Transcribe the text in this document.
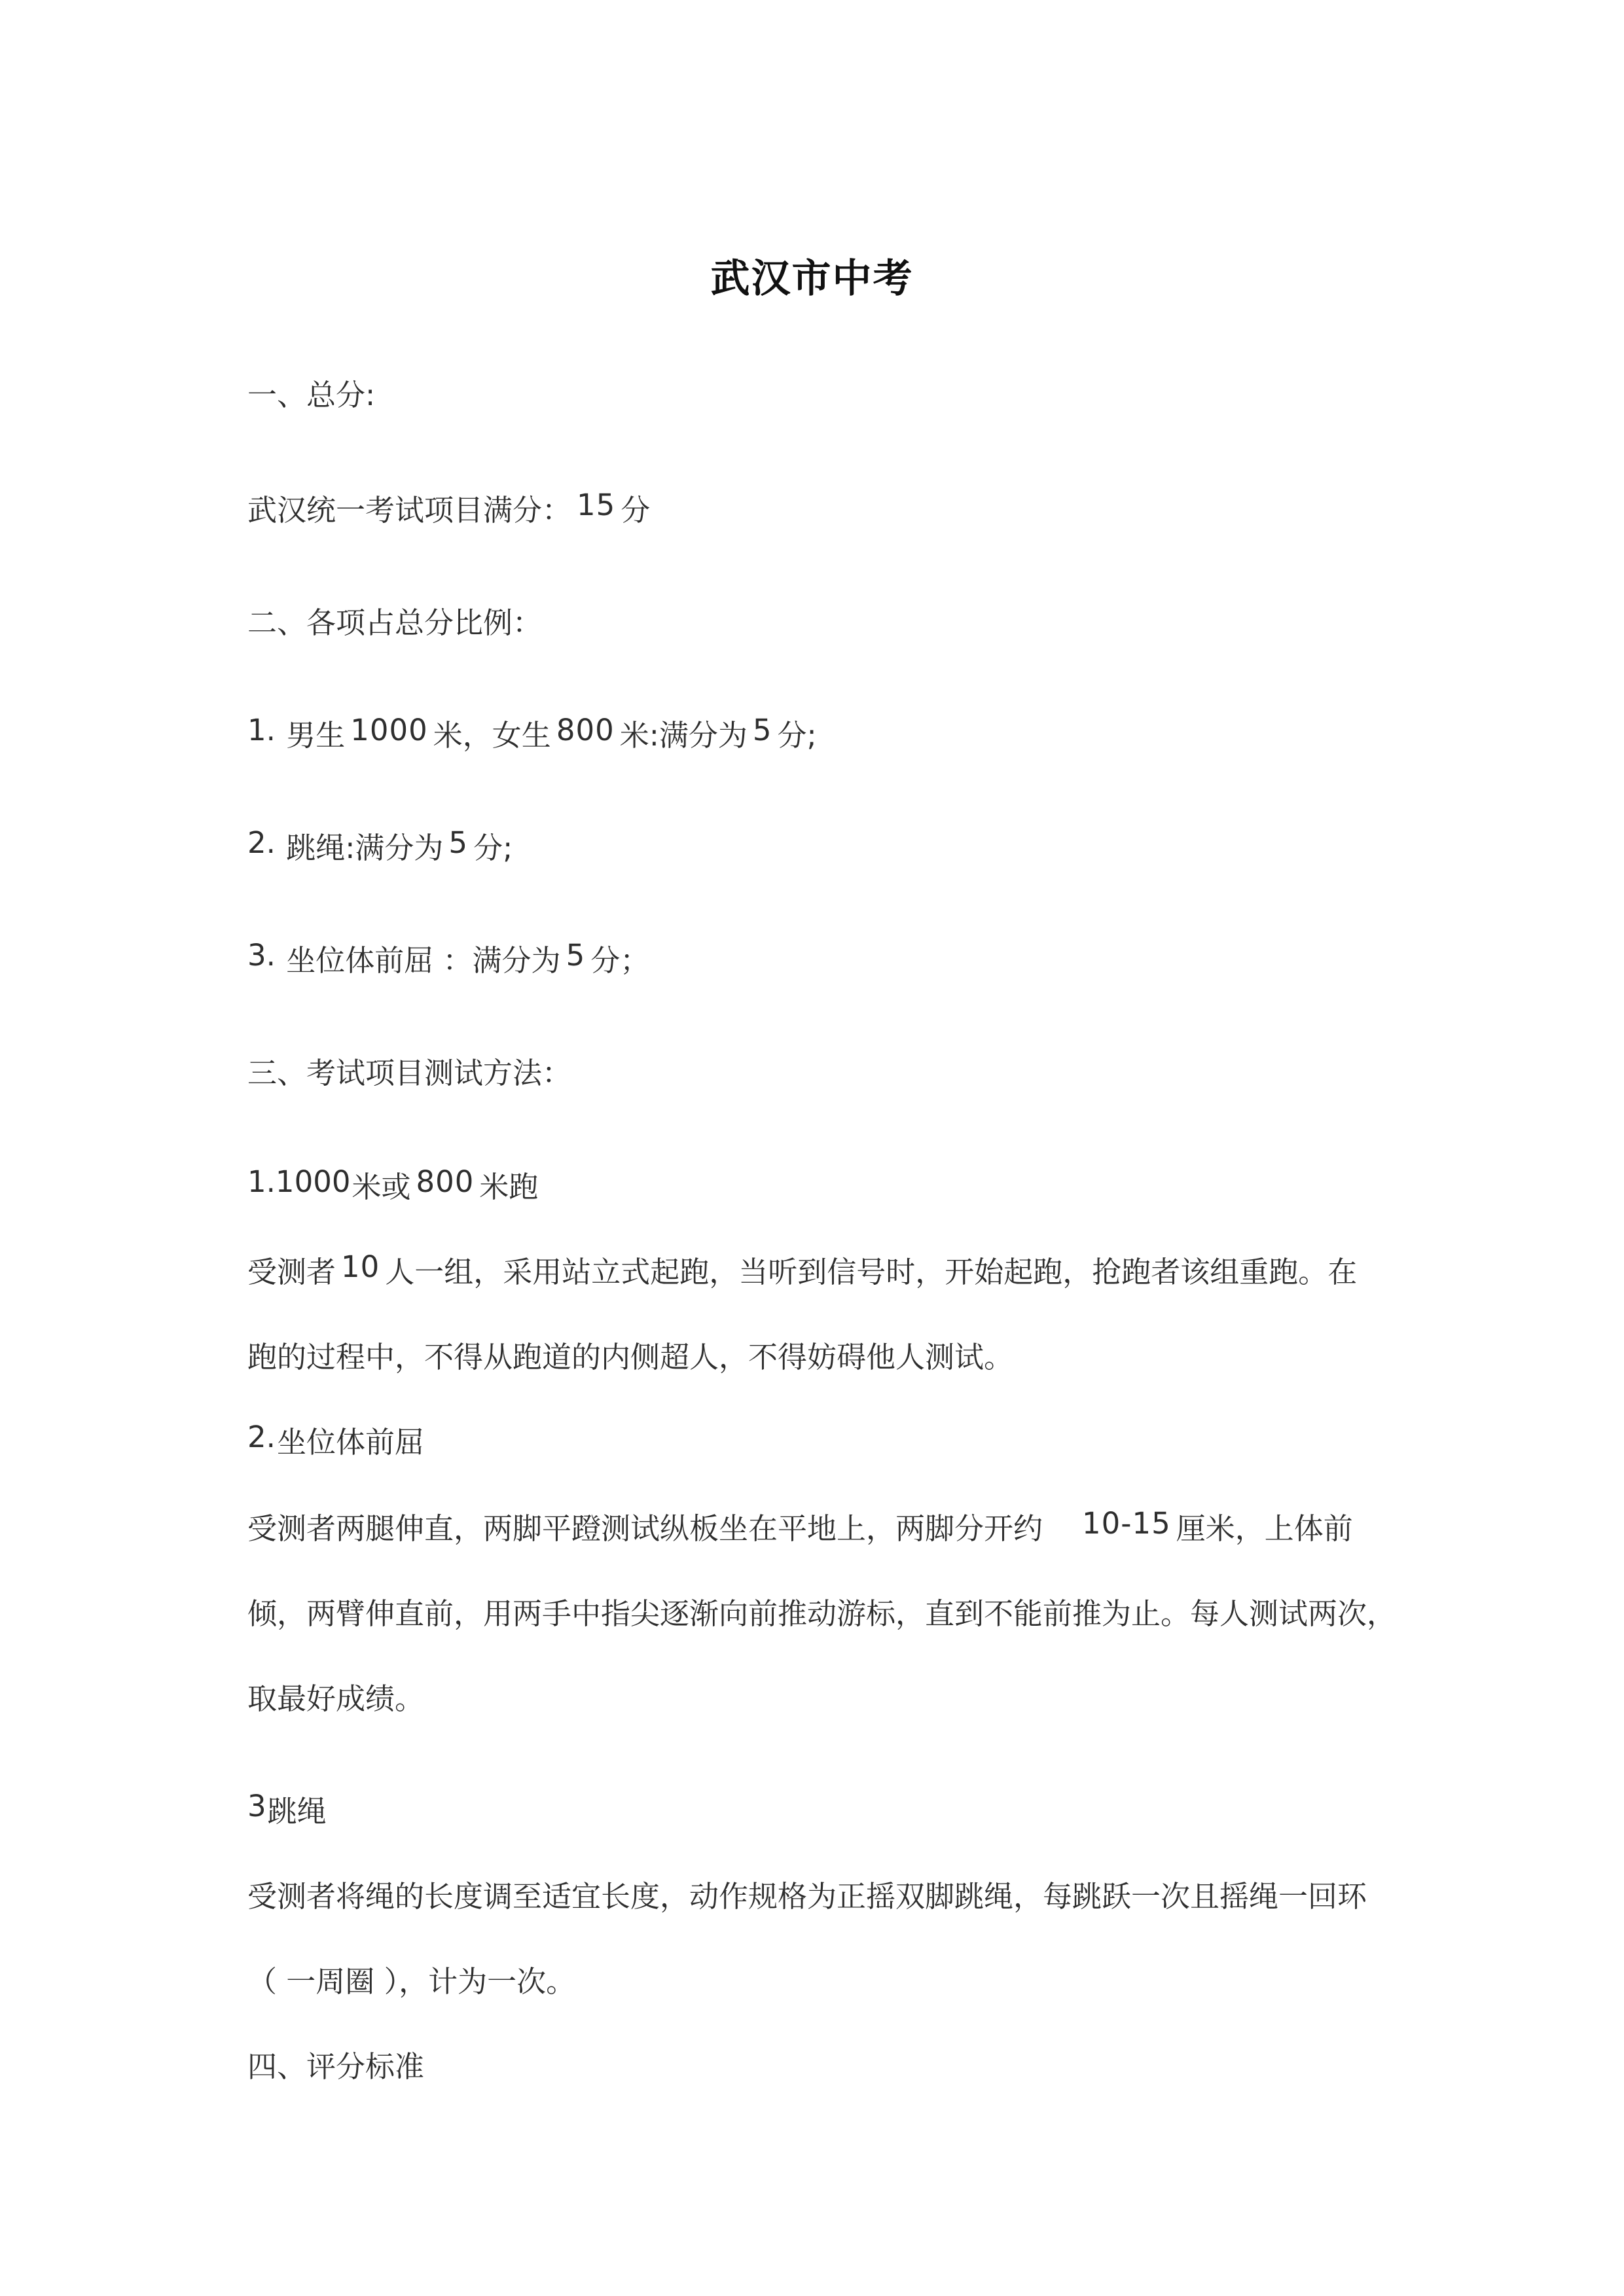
武汉市中考
一、总分:
武汉统一考试项目满分： 15 分
二、各项占总分比例：
1. 男生 1000 米，女生 800 米:满分为 5 分;
2. 跳绳:满分为 5 分;
3. 坐位体前屈 ：满分为 5 分；
三、考试项目测试方法：
1.1000米或 800 米跑
受测者 10 人一组，采用站立式起跑，当听到信号时，开始起跑，抢跑者该组重跑。在
跑的过程中，不得从跑道的内侧超人，不得妨碍他人测试。
2.坐位体前屈
受测者两腿伸直，两脚平蹬测试纵板坐在平地上，两脚分开约 10-15 厘米，上体前
倾，两臂伸直前，用两手中指尖逐渐向前推动游标，直到不能前推为止。每人测试两次，
取最好成绩。
3跳绳
受测者将绳的长度调至适宜长度，动作规格为正摇双脚跳绳，每跳跃一次且摇绳一回环
（ 一周圈 ），计为一次。
四、评分标准
